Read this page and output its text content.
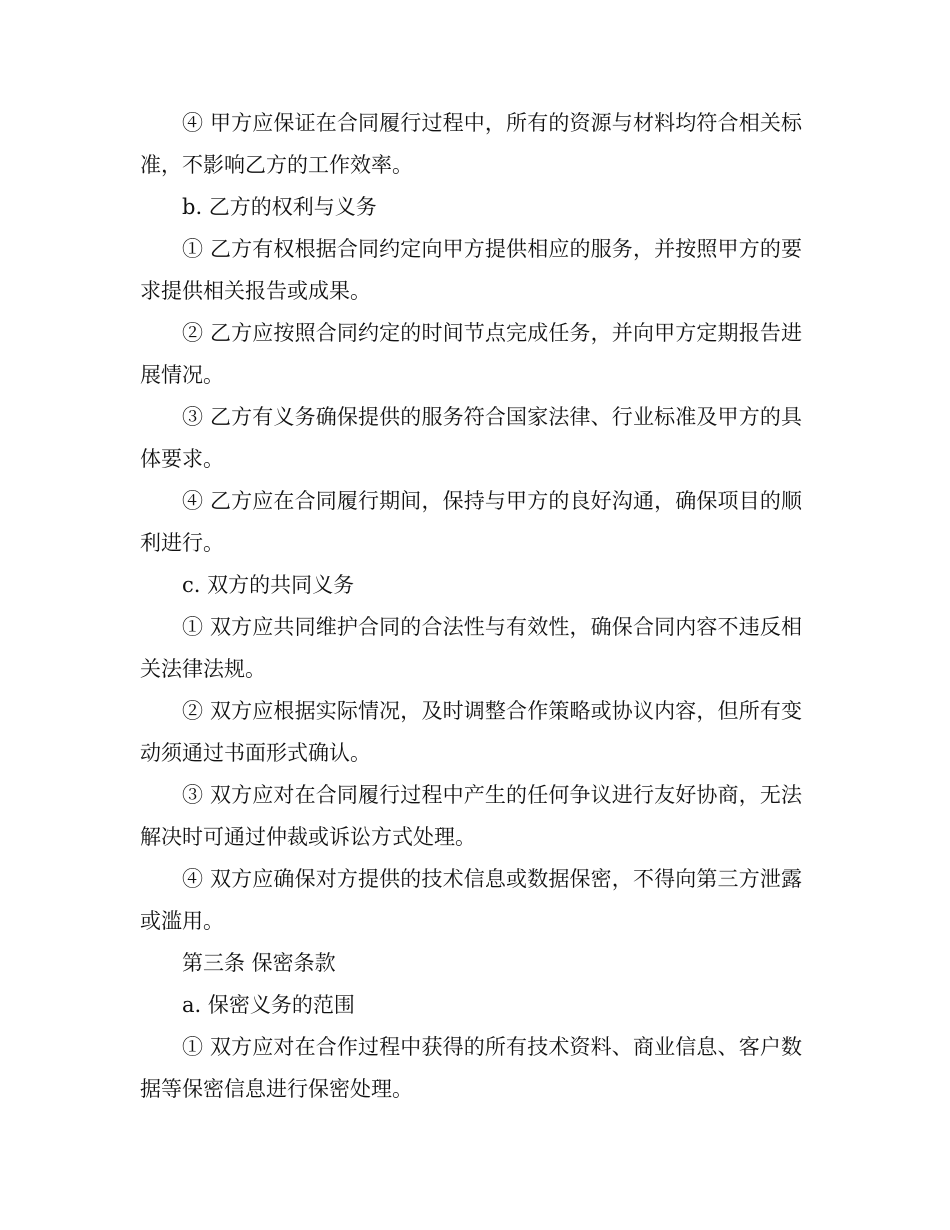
④ 甲方应保证在合同履行过程中，所有的资源与材料均符合相关标准，不影响乙方的工作效率。

b. 乙方的权利与义务

① 乙方有权根据合同约定向甲方提供相应的服务，并按照甲方的要求提供相关报告或成果。

② 乙方应按照合同约定的时间节点完成任务，并向甲方定期报告进展情况。

③ 乙方有义务确保提供的服务符合国家法律、行业标准及甲方的具体要求。

④ 乙方应在合同履行期间，保持与甲方的良好沟通，确保项目的顺利进行。

c. 双方的共同义务

① 双方应共同维护合同的合法性与有效性，确保合同内容不违反相关法律法规。

② 双方应根据实际情况，及时调整合作策略或协议内容，但所有变动须通过书面形式确认。

③ 双方应对在合同履行过程中产生的任何争议进行友好协商，无法解决时可通过仲裁或诉讼方式处理。

④ 双方应确保对方提供的技术信息或数据保密，不得向第三方泄露或滥用。

第三条 保密条款

a. 保密义务的范围

① 双方应对在合作过程中获得的所有技术资料、商业信息、客户数据等保密信息进行保密处理。
